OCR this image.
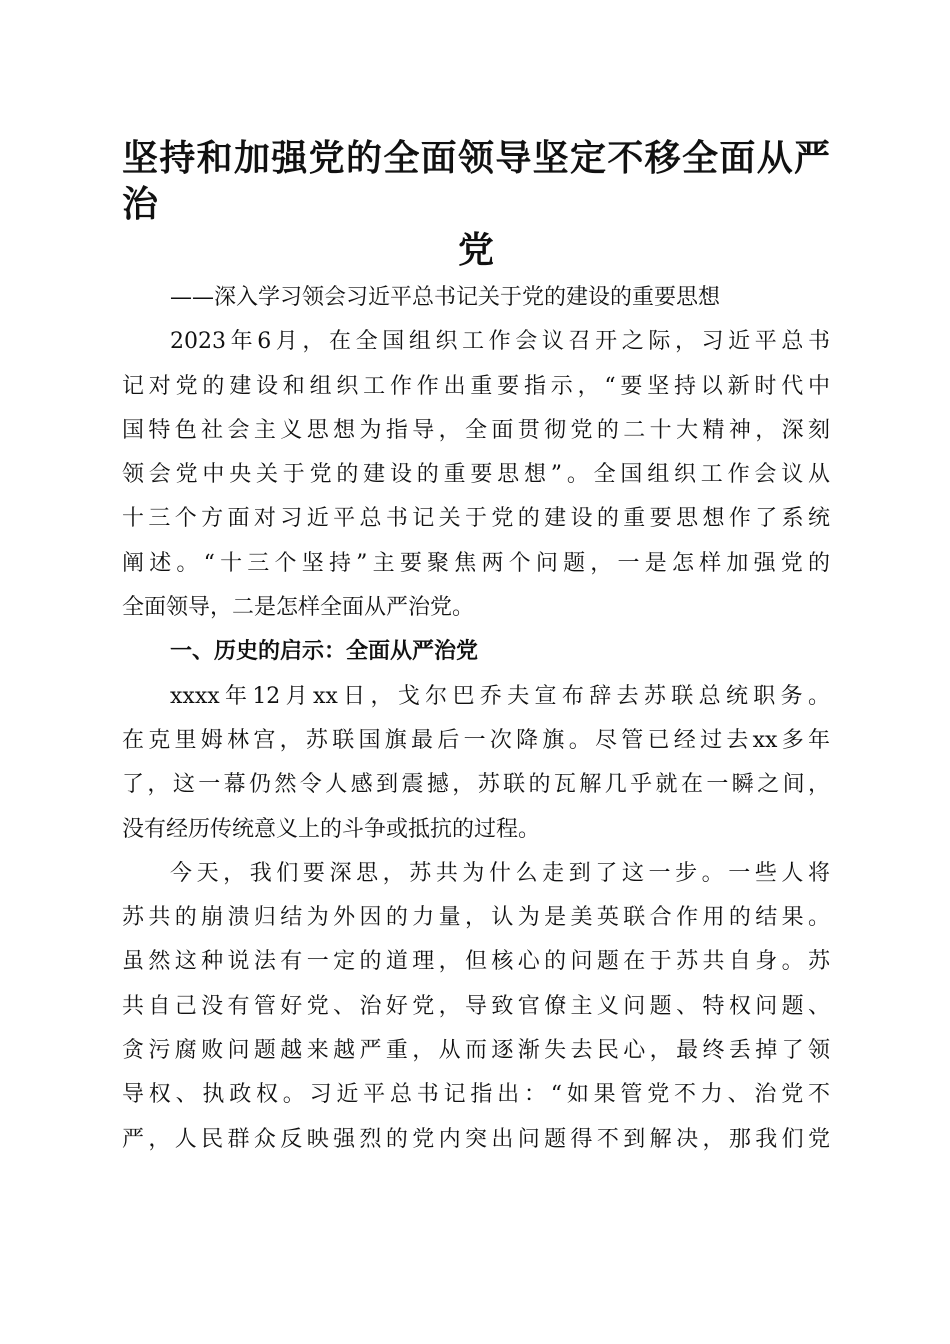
坚持和加强党的全面领导坚定不移全面从严治
党
——深入学习领会习近平总书记关于党的建设的重要思想
2023年6月，在全国组织工作会议召开之际，习近平总书
记对党的建设和组织工作作出重要指示，“要坚持以新时代中
国特色社会主义思想为指导，全面贯彻党的二十大精神，深刻
领会党中央关于党的建设的重要思想”。全国组织工作会议从
十三个方面对习近平总书记关于党的建设的重要思想作了系统
阐述。“十三个坚持”主要聚焦两个问题，一是怎样加强党的
全面领导，二是怎样全面从严治党。
一、历史的启示：全面从严治党
xxxx年12月xx日，戈尔巴乔夫宣布辞去苏联总统职务。
在克里姆林宫，苏联国旗最后一次降旗。尽管已经过去xx多年
了，这一幕仍然令人感到震撼，苏联的瓦解几乎就在一瞬之间，
没有经历传统意义上的斗争或抵抗的过程。
今天，我们要深思，苏共为什么走到了这一步。一些人将
苏共的崩溃归结为外因的力量，认为是美英联合作用的结果。
虽然这种说法有一定的道理，但核心的问题在于苏共自身。苏
共自己没有管好党、治好党，导致官僚主义问题、特权问题、
贪污腐败问题越来越严重，从而逐渐失去民心，最终丢掉了领
导权、执政权。习近平总书记指出：“如果管党不力、治党不
严，人民群众反映强烈的党内突出问题得不到解决，那我们党
